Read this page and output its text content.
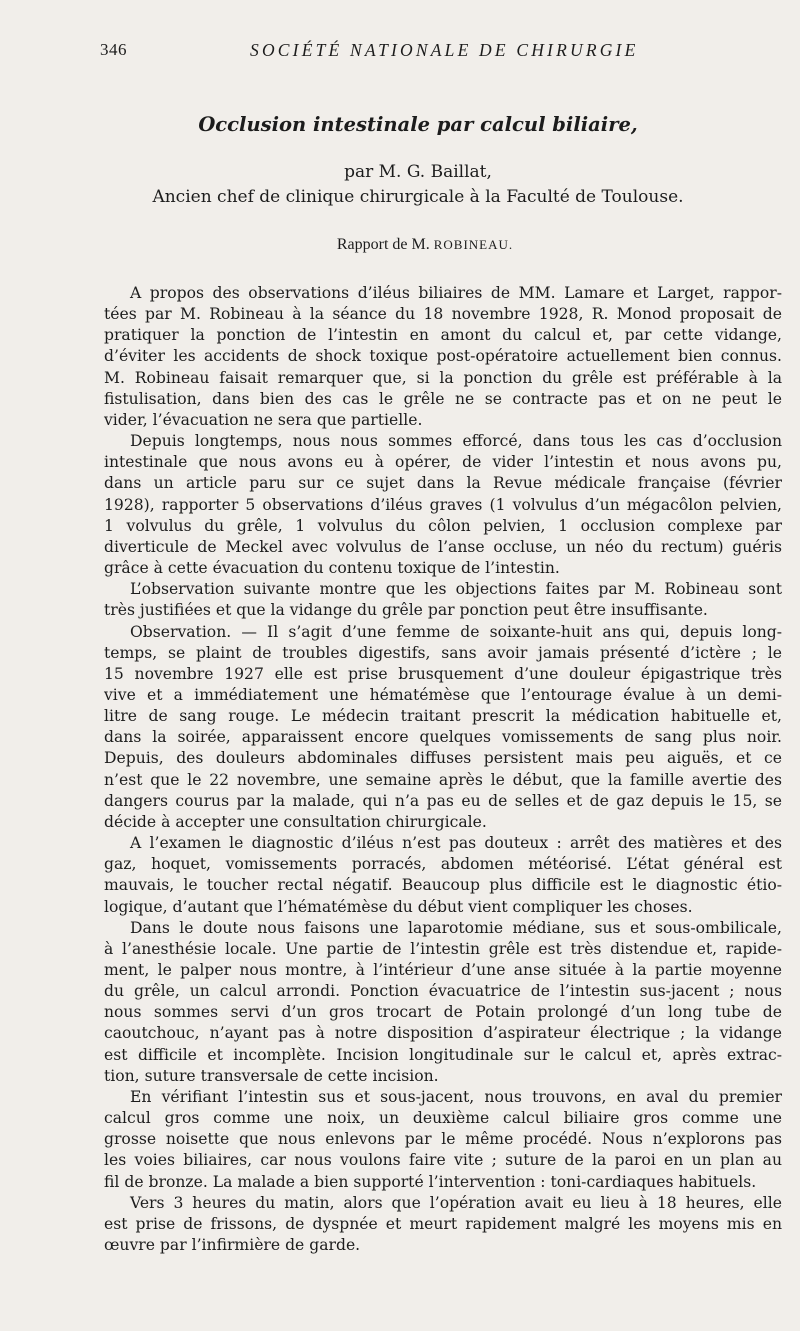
346	SOCIÉTÉ NATIONALE DE CHIRURGIE
Occlusion intestinale par calcul biliaire,
par M. G. Baillat,
Ancien chef de clinique chirurgicale à la Faculté de Toulouse.
Rapport de M. ROBINEAU.
A propos des observations d’iléus biliaires de MM. Lamare et Larget, rappor-
tées par M. Robineau à la séance du 18 novembre 1928, R. Monod proposait de
pratiquer la ponction de l’intestin en amont du calcul et, par cette vidange,
d’éviter les accidents de shock toxique post-opératoire actuellement bien connus.
M. Robineau faisait remarquer que, si la ponction du grêle est préférable à la
fistulisation, dans bien des cas le grêle ne se contracte pas et on ne peut le
vider, l’évacuation ne sera que partielle.
Depuis longtemps, nous nous sommes efforcé, dans tous les cas d’occlusion
intestinale que nous avons eu à opérer, de vider l’intestin et nous avons pu,
dans un article paru sur ce sujet dans la Revue médicale française (février
1928), rapporter 5 observations d’iléus graves (1 volvulus d’un mégacôlon pelvien,
1 volvulus du grêle, 1 volvulus du côlon pelvien, 1 occlusion complexe par
diverticule de Meckel avec volvulus de l’anse occluse, un néo du rectum) guéris
grâce à cette évacuation du contenu toxique de l’intestin.
L’observation suivante montre que les objections faites par M. Robineau sont
très justifiées et que la vidange du grêle par ponction peut être insuffisante.
Observation. — Il s’agit d’une femme de soixante-huit ans qui, depuis long-
temps, se plaint de troubles digestifs, sans avoir jamais présenté d’ictère ; le
15 novembre 1927 elle est prise brusquement d’une douleur épigastrique très
vive et a immédiatement une hématémèse que l’entourage évalue à un demi-
litre de sang rouge. Le médecin traitant prescrit la médication habituelle et,
dans la soirée, apparaissent encore quelques vomissements de sang plus noir.
Depuis, des douleurs abdominales diffuses persistent mais peu aiguës, et ce
n’est que le 22 novembre, une semaine après le début, que la famille avertie des
dangers courus par la malade, qui n’a pas eu de selles et de gaz depuis le 15, se
décide à accepter une consultation chirurgicale.
A l’examen le diagnostic d’iléus n’est pas douteux : arrêt des matières et des
gaz, hoquet, vomissements porracés, abdomen météorisé. L’état général est
mauvais, le toucher rectal négatif. Beaucoup plus difficile est le diagnostic étio-
logique, d’autant que l’hématémèse du début vient compliquer les choses.
Dans le doute nous faisons une laparotomie médiane, sus et sous-ombilicale,
à l’anesthésie locale. Une partie de l’intestin grêle est très distendue et, rapide-
ment, le palper nous montre, à l’intérieur d’une anse située à la partie moyenne
du grêle, un calcul arrondi. Ponction évacuatrice de l’intestin sus-jacent ; nous
nous sommes servi d’un gros trocart de Potain prolongé d’un long tube de
caoutchouc, n’ayant pas à notre disposition d’aspirateur électrique ; la vidange
est difficile et incomplète. Incision longitudinale sur le calcul et, après extrac-
tion, suture transversale de cette incision.
En vérifiant l’intestin sus et sous-jacent, nous trouvons, en aval du premier
calcul gros comme une noix, un deuxième calcul biliaire gros comme une
grosse noisette que nous enlevons par le même procédé. Nous n’explorons pas
les voies biliaires, car nous voulons faire vite ; suture de la paroi en un plan au
fil de bronze. La malade a bien supporté l’intervention : toni-cardiaques habituels.
Vers 3 heures du matin, alors que l’opération avait eu lieu à 18 heures, elle
est prise de frissons, de dyspnée et meurt rapidement malgré les moyens mis en
œuvre par l’infirmière de garde.
